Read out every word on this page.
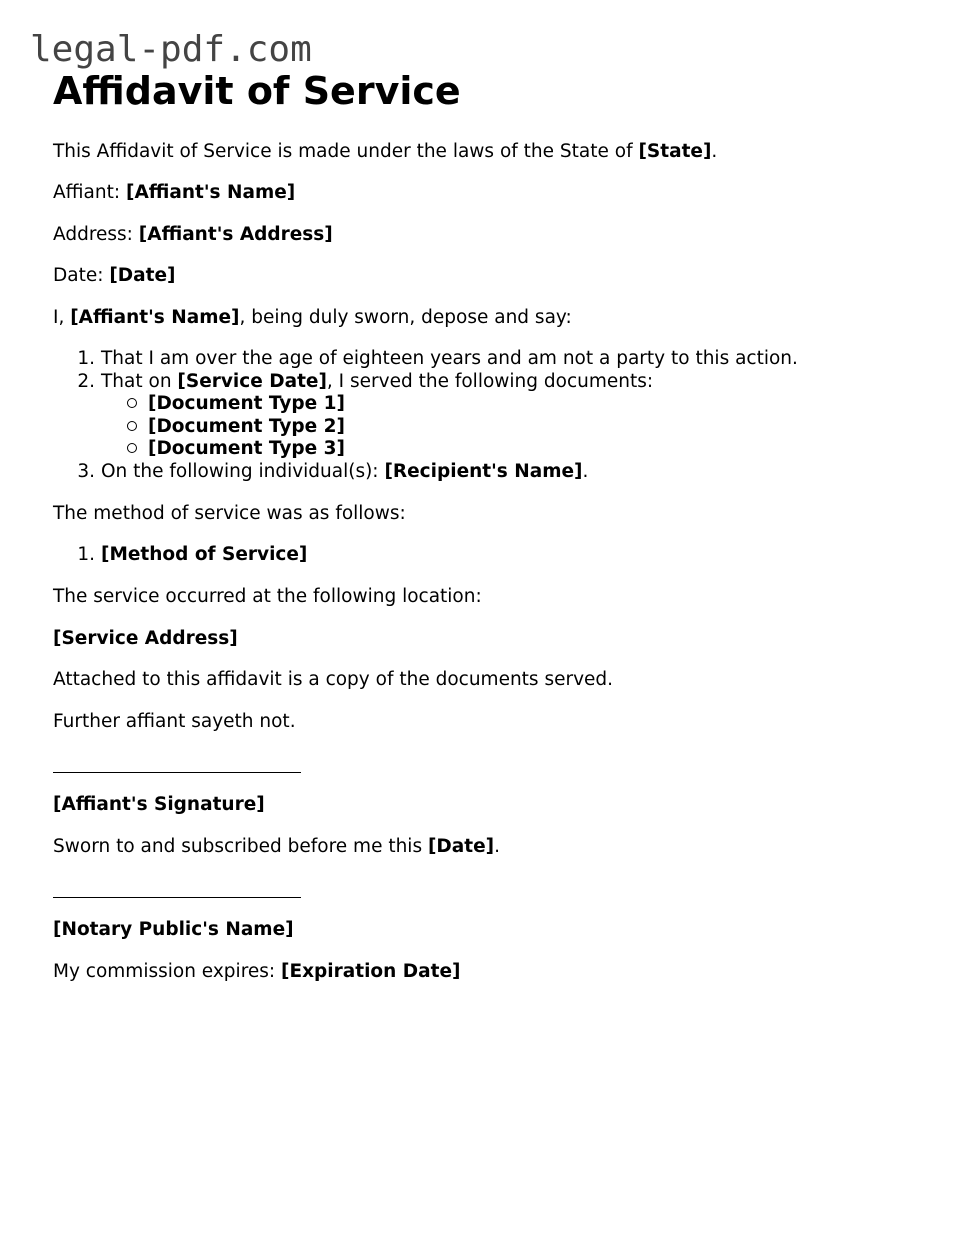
legal-pdf.com
Affidavit of Service

This Affidavit of Service is made under the laws of the State of [State].

Affiant: [Affiant's Name]

Address: [Affiant's Address]

Date: [Date]

I, [Affiant's Name], being duly sworn, depose and say:

1. That I am over the age of eighteen years and am not a party to this action.

2. That on [Service Date], I served the following documents:

[Document Type 1]

[Document Type 2]

[Document Type 3]

3. On the following individual(s): [Recipient's Name].

The method of service was as follows:

1. [Method of Service]

The service occurred at the following location:

[Service Address]

Attached to this affidavit is a copy of the documents served.

Further affiant sayeth not.

[Affiant's Signature]

Sworn to and subscribed before me this [Date].

[Notary Public's Name]

My commission expires: [Expiration Date]
